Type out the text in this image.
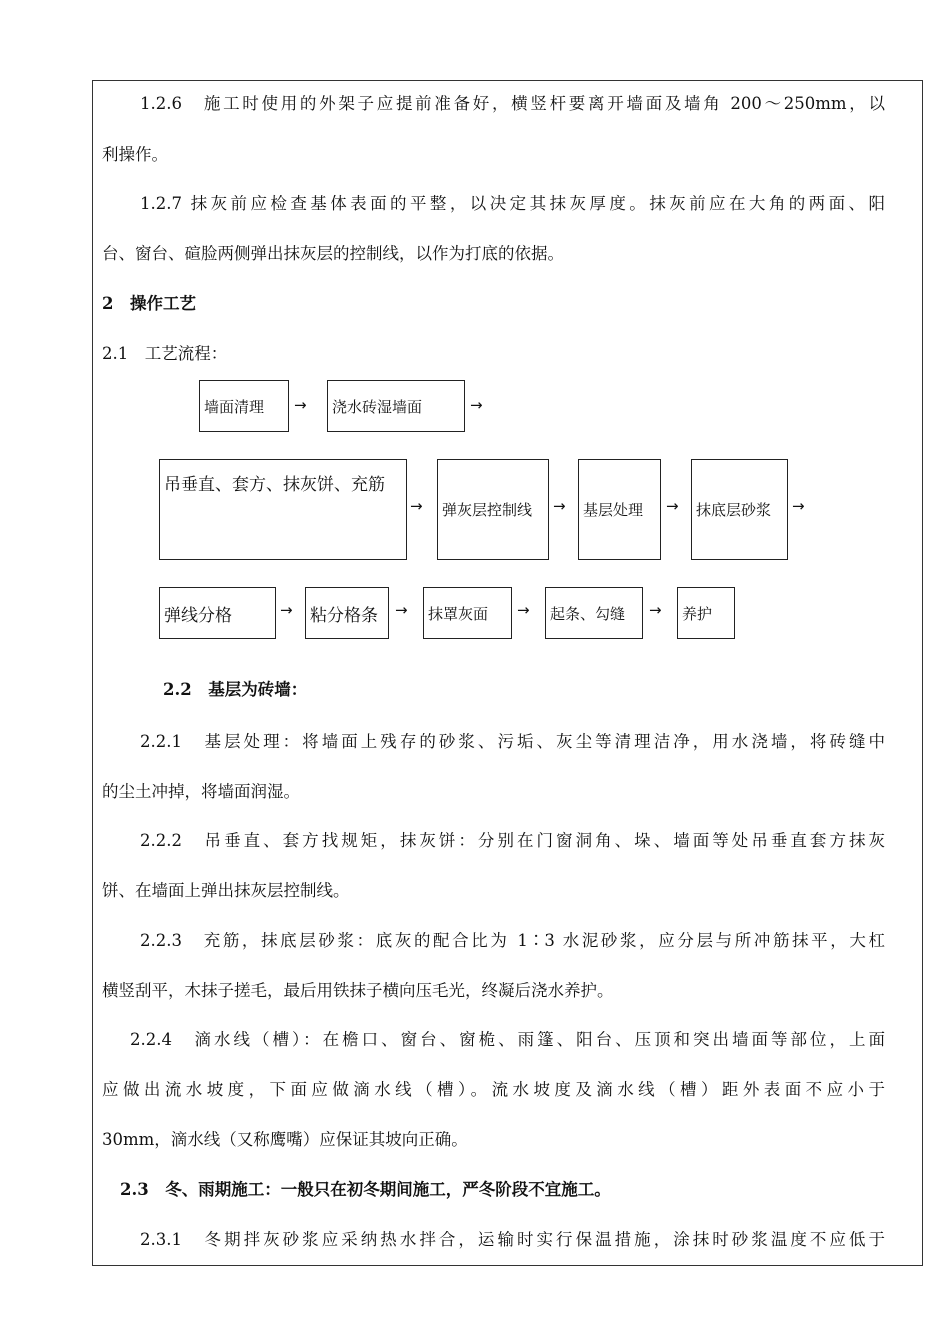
1.2.6　施工时使用的外架子应提前准备好，横竖杆要离开墙面及墙角 200～250mm，以
利操作。
1.2.7 抹灰前应检查基体表面的平整，以决定其抹灰厚度。抹灰前应在大角的两面、阳
台、窗台、碹脸两侧弹出抹灰层的控制线，以作为打底的依据。
2　操作工艺
2.1　工艺流程：
墙面清理	→	浇水砖湿墙面	→
吊垂直、套方、抹灰饼、充筋
→	弹灰层控制线	→	基层处理	→	抹底层砂浆	→
弹线分格	→ 粘分格条	→	抹罩灰面	→	起条、勾缝	→	养护
2.2　基层为砖墙：
2.2.1　基层处理：将墙面上残存的砂浆、污垢、灰尘等清理洁净，用水浇墙，将砖缝中
的尘土冲掉，将墙面润湿。
2.2.2　吊垂直、套方找规矩，抹灰饼：分别在门窗洞角、垛、墙面等处吊垂直套方抹灰
饼、在墙面上弹出抹灰层控制线。
2.2.3　充筋，抹底层砂浆：底灰的配合比为 1∶3 水泥砂浆，应分层与所冲筋抹平，大杠
横竖刮平，木抹子搓毛，最后用铁抹子横向压毛光，终凝后浇水养护。
2.2.4　滴水线（槽）：在檐口、窗台、窗桅、雨篷、阳台、压顶和突出墙面等部位，上面
应做出流水坡度，下面应做滴水线（槽）。流水坡度及滴水线（槽）距外表面不应小于
30mm，滴水线（又称鹰嘴）应保证其坡向正确。
2.3　冬、雨期施工：一般只在初冬期间施工，严冬阶段不宜施工。
2.3.1　冬期拌灰砂浆应采纳热水拌合，运输时实行保温措施，涂抹时砂浆温度不应低于
